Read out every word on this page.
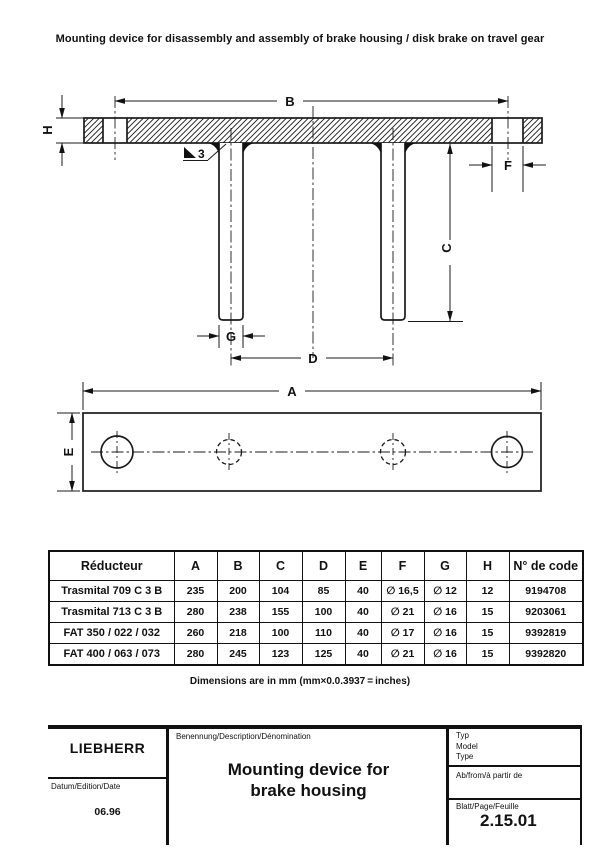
Mounting device for disassembly and assembly of brake housing / disk brake on travel gear
B
H
F
C
G
D
3
A
E
Réducteur	A	B	C	D	E	F	G	H	N° de code
Trasmital 709 C 3 B	235	200	104	85	40	∅ 16,5	∅ 12	12	9194708
Trasmital 713 C 3 B	280	238	155	100	40	∅ 21	∅ 16	15	9203061
FAT 350 / 022 / 032	260	218	100	110	40	∅ 17	∅ 16	15	9392819
FAT 400 / 063 / 073	280	245	123	125	40	∅ 21	∅ 16	15	9392820
Dimensions are in mm (mm×0.0.3937 = inches)
LIEBHERR
Datum/Edition/Date
06.96
Benennung/Description/Dénomination
Mounting device for
brake housing
Typ
Model
Type
Ab/from/à partir de
Blatt/Page/Feuille
2.15.01
